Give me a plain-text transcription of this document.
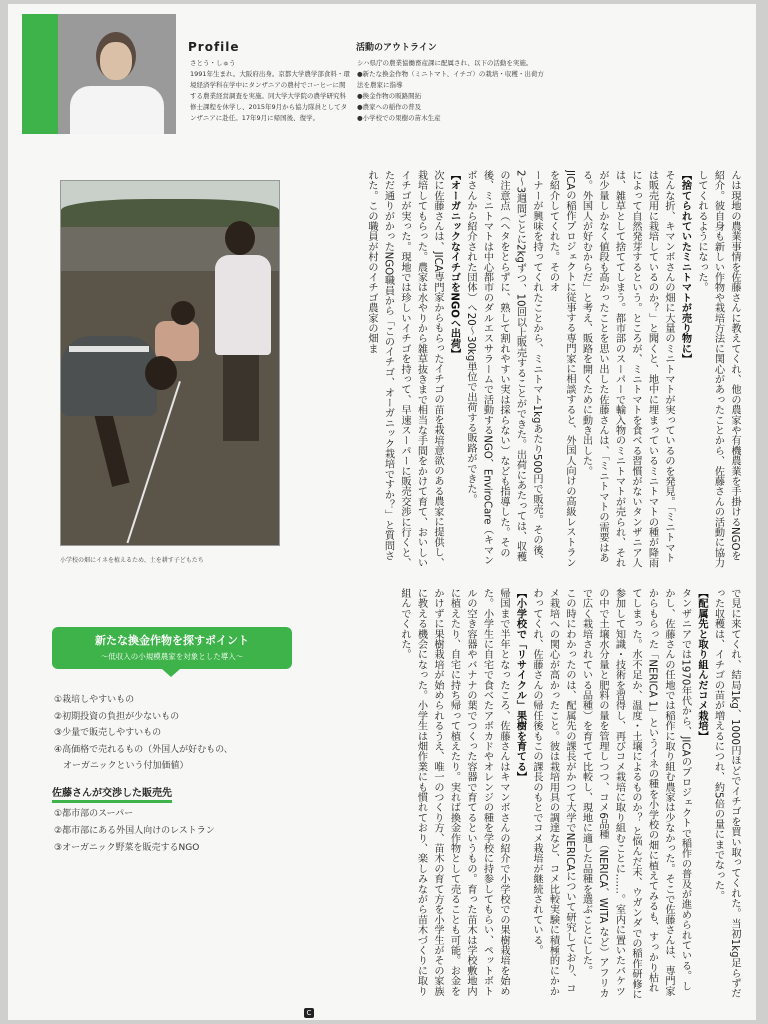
Profile
さとう・しゅう
1991年生まれ。大阪府出身。京都大学農学部食料・環境経済学科在学中にタンザニアの農村でコーヒーに関する農業経営調査を実施。同大学大学院の農学研究科修士課程を休学し、2015年9月から協力隊員としてタンザニアに赴任。17年9月に帰国後、復学。
活動のアウトライン
シハ県庁の農業協働畜産課に配属され、以下の活動を実施。
●新たな換金作物（ミニトマト、イチゴ）の栽培・収穫・出荷方法を農家に指導
●換金作物の販路開拓
●農家への稲作の普及
●小学校での果樹の苗木生産
小学校の畑にイネを植えるため、土を耕す子どもたち
新たな換金作物を探すポイント
〜低収入の小規模農家を対象とした導入〜
①栽培しやすいもの
②初期投資の負担が少ないもの
③少量で販売しやすいもの
④高価格で売れるもの（外国人が好むもの、
　オーガニックという付加価値）
佐藤さんが交渉した販売先
①都市部のスーパー
②都市部にある外国人向けのレストラン
③オーガニック野菜を販売するNGO

んは現地の農業事情を佐藤さんに教えてくれ、他の農家や有機農業を手掛けるNGOを紹介。彼自身も新しい作物や栽培方法に関心があったことから、佐藤さんの活動に協力してくれるようになった。

【捨てられていたミニトマトが売り物に】

そんな折、キマンボさんの畑に大量のミニトマトが実っているのを発見。「ミニトマトは販売用に栽培しているのか？」と聞くと、地中に埋まっているミニトマトの種が降雨によって自然発芽するという。ところが、ミニトマトを食べる習慣がないタンザニア人は、雑草として捨ててしまう。都市部のスーパーで輸入物のミニトマトが売られ、それが少量しかなく値段も高かったことを思い出した佐藤さんは、「ミニトマトの需要はある。外国人が好むからだ」と考え、販路を開くために動き出した。

JICAの稲作プロジェクトに従事する専門家に相談すると、外国人向けの高級レストランを紹介してくれた。そのオ

ーナーが興味を持ってくれたことから、ミニトマト1kgあたり500円で販売。その後、2〜3週間ごとに2kgずつ、10回以上販売することができた。出荷にあたっては、収穫の注意点（ヘタをとらずに、熟して割れやすい実は採らない）なども指導した。その後、ミニトマトは中心都市のダルエスサラームで活動するNGO、EnviroCare（キマンボさんから紹介された団体）へ20〜30kg単位で出荷する販路ができた。

【オーガニックなイチゴをNGOへ出荷】

次に佐藤さんは、JICA専門家からもらったイチゴの苗を栽培意欲のある農家に提供し、栽培してもらった。農家は水やりから雑草抜きまで相当な手間をかけて育て、おいしいイチゴが実った。現地では珍しいイチゴを持って、早速スーパーに販売交渉に行くと、ただ通りがかったNGO職員から「このイチゴ、オーガニック栽培ですか？」と質問された。この職員が村のイチゴ農家の畑ま

で見に来てくれ、結局1kg、1000円ほどでイチゴを買い取ってくれた。当初1kg足らずだった収穫は、イチゴの苗が増えるにつれ、約5倍の量にまでなった。

【配属先と取り組んだコメ栽培】

タンザニアでは1970年代から、JICAのプロジェクトで稲作の普及が進められている。しかし、佐藤さんの任地では稲作に取り組む農家は少なかった。そこで佐藤さんは、専門家からもらった「NERICA 1」というイネの種を小学校の畑に植えてみるも、すっかり枯れてしまった。水不足か、温度・土壌によるものか？ と悩んだ末、ウガンダでの稲作研修に参加して知識・技術を習得し、再びコメ栽培に取り組むことに……。室内に置いたバケツの中で土壌水分量と肥料の量を管理しつつ、コメ6品種（NERICA、WITA など）アフリカで広く栽培されている品種）を育てて比較し、現地に適した品種を選ぶことにした。

この時にわかったのは、配属先の課長がかつて大学でNERICAについて研究しており、コメ栽培への関心が高かったこと。彼は栽培用具の調達など、コメ比較実験に積極的にかかわってくれ、佐藤さんの帰任後もこの課長のもとでコメ栽培が継続されている。

【小学校で「リサイクル」果樹を育てる】

帰国まで半年となったころ、佐藤さんはキマンボさんの紹介で小学校での果樹栽培を始めた。小学生に自宅で食べたアボカドやオレンジの種を学校に持参してもらい、ペットボトルの空き容器やバナナの葉でつくった容器で育てるというもの。育った苗木は学校敷地内に植えたり、自宅に持ち帰って植えたり。実れば換金作物として売ることも可能。お金をかけずに果樹栽培が始められるうえ、唯一のつくり方、苗木の育て方を小学生がその家族に教える機会になった。小学生は畑作業にも慣れており、楽しみながら苗木づくりに取り組んでくれた。

C
